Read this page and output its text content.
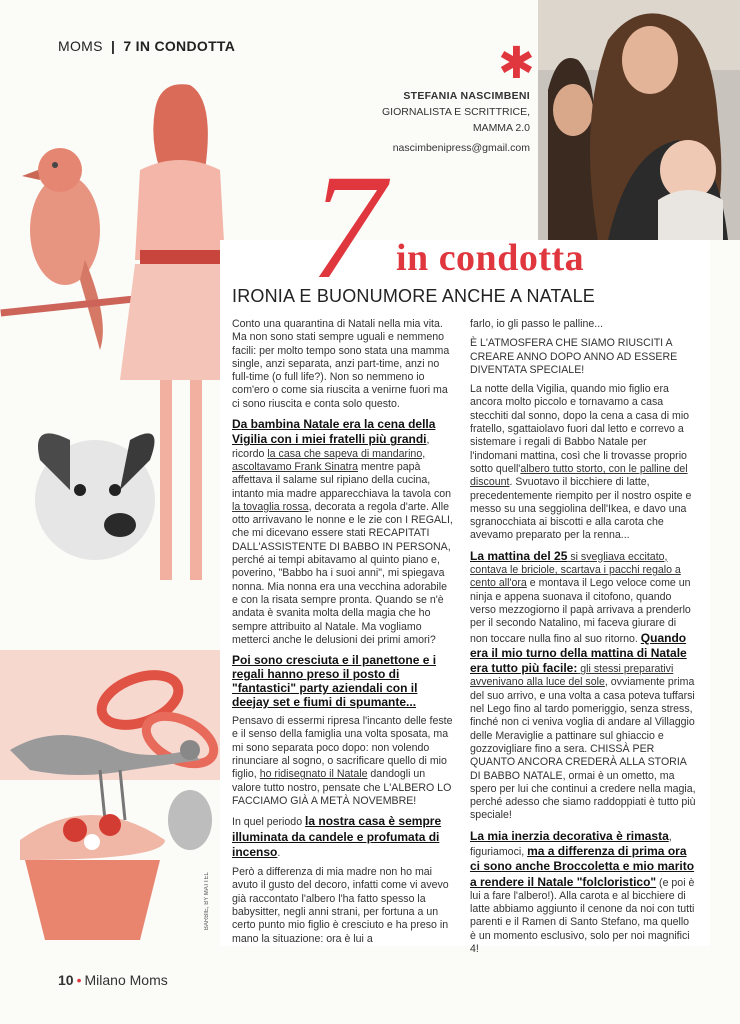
MOMS | 7 IN CONDOTTA	✱
STEFANIA NASCIMBENI
GIORNALISTA E SCRITTRICE,
MAMMA 2.0
nascimbenipress@gmail.com
BARBIE, BY MATTEL
7 in condotta
IRONIA E BUONUMORE ANCHE A NATALE

Conto una quarantina di Natali nella mia vita. Ma non sono stati sempre uguali e nemmeno facili: per molto tempo sono stata una mamma single, anzi separata, anzi part-time, anzi no full-time (o full life?). Non so nemmeno io com'ero o come sia riuscita a venirne fuori ma ci sono riuscita e conta solo questo.

Da bambina Natale era la cena della Vigilia con i miei fratelli più grandi, ricordo la casa che sapeva di mandarino, ascoltavamo Frank Sinatra mentre papà affettava il salame sul ripiano della cucina, intanto mia madre apparecchiava la tavola con la tovaglia rossa, decorata a regola d'arte. Alle otto arrivavano le nonne e le zie con I REGALI, che mi dicevano essere stati RECAPITATI DALL'ASSISTENTE DI BABBO IN PERSONA, perché ai tempi abitavamo al quinto piano e, poverino, "Babbo ha i suoi anni", mi spiegava nonna. Mia nonna era una vecchina adorabile e con la risata sempre pronta. Quando se n'è andata è svanita molta della magia che ho sempre attribuito al Natale. Ma vogliamo metterci anche le delusioni dei primi amori?

Poi sono cresciuta e il panettone e i regali hanno preso il posto di "fantastici" party aziendali con il deejay set e fiumi di spumante...

Pensavo di essermi ripresa l'incanto delle feste e il senso della famiglia una volta sposata, ma mi sono separata poco dopo: non volendo rinunciare al sogno, o sacrificare quello di mio figlio, ho ridisegnato il Natale dandogli un valore tutto nostro, pensate che L'ALBERO LO FACCIAMO GIÀ A METÀ NOVEMBRE!

In quel periodo la nostra casa è sempre illuminata da candele e profumata di incenso.

Però a differenza di mia madre non ho mai avuto il gusto del decoro, infatti come vi avevo già raccontato l'albero l'ha fatto spesso la babysitter, negli anni strani, per fortuna a un certo punto mio figlio è cresciuto e ha preso in mano la situazione: ora è lui a

farlo, io gli passo le palline...

È L'ATMOSFERA CHE SIAMO RIUSCITI A CREARE ANNO DOPO ANNO AD ESSERE DIVENTATA SPECIALE!

La notte della Vigilia, quando mio figlio era ancora molto piccolo e tornavamo a casa stecchiti dal sonno, dopo la cena a casa di mio fratello, sgattaiolavo fuori dal letto e correvo a sistemare i regali di Babbo Natale per l'indomani mattina, così che li trovasse proprio sotto quell'albero tutto storto, con le palline del discount. Svuotavo il bicchiere di latte, precedentemente riempito per il nostro ospite e messo su una seggiolina dell'Ikea, e davo una sgranocchiata ai biscotti e alla carota che avevamo preparato per la renna...

La mattina del 25 si svegliava eccitato, contava le briciole, scartava i pacchi regalo a cento all'ora e montava il Lego veloce come un ninja e appena suonava il citofono, quando verso mezzogiorno il papà arrivava a prenderlo per il secondo Natalino, mi faceva giurare di non toccare nulla fino al suo ritorno. Quando era il mio turno della mattina di Natale era tutto più facile: gli stessi preparativi avvenivano alla luce del sole, ovviamente prima del suo arrivo, e una volta a casa poteva tuffarsi nel Lego fino al tardo pomeriggio, senza stress, finché non ci veniva voglia di andare al Villaggio delle Meraviglie a pattinare sul ghiaccio e gozzovigliare fino a sera. CHISSÀ PER QUANTO ANCORA CREDERÀ ALLA STORIA DI BABBO NATALE, ormai è un ometto, ma spero per lui che continui a credere nella magia, perché adesso che siamo raddoppiati è tutto più speciale!

La mia inerzia decorativa è rimasta, figuriamoci, ma a differenza di prima ora ci sono anche Broccoletta e mio marito a rendere il Natale "folcloristico" (e poi è lui a fare l'albero!). Alla carota e al bicchiere di latte abbiamo aggiunto il cenone da noi con tutti parenti e il Ramen di Santo Stefano, ma quello è un momento esclusivo, solo per noi magnifici 4!

10 • Milano Moms
